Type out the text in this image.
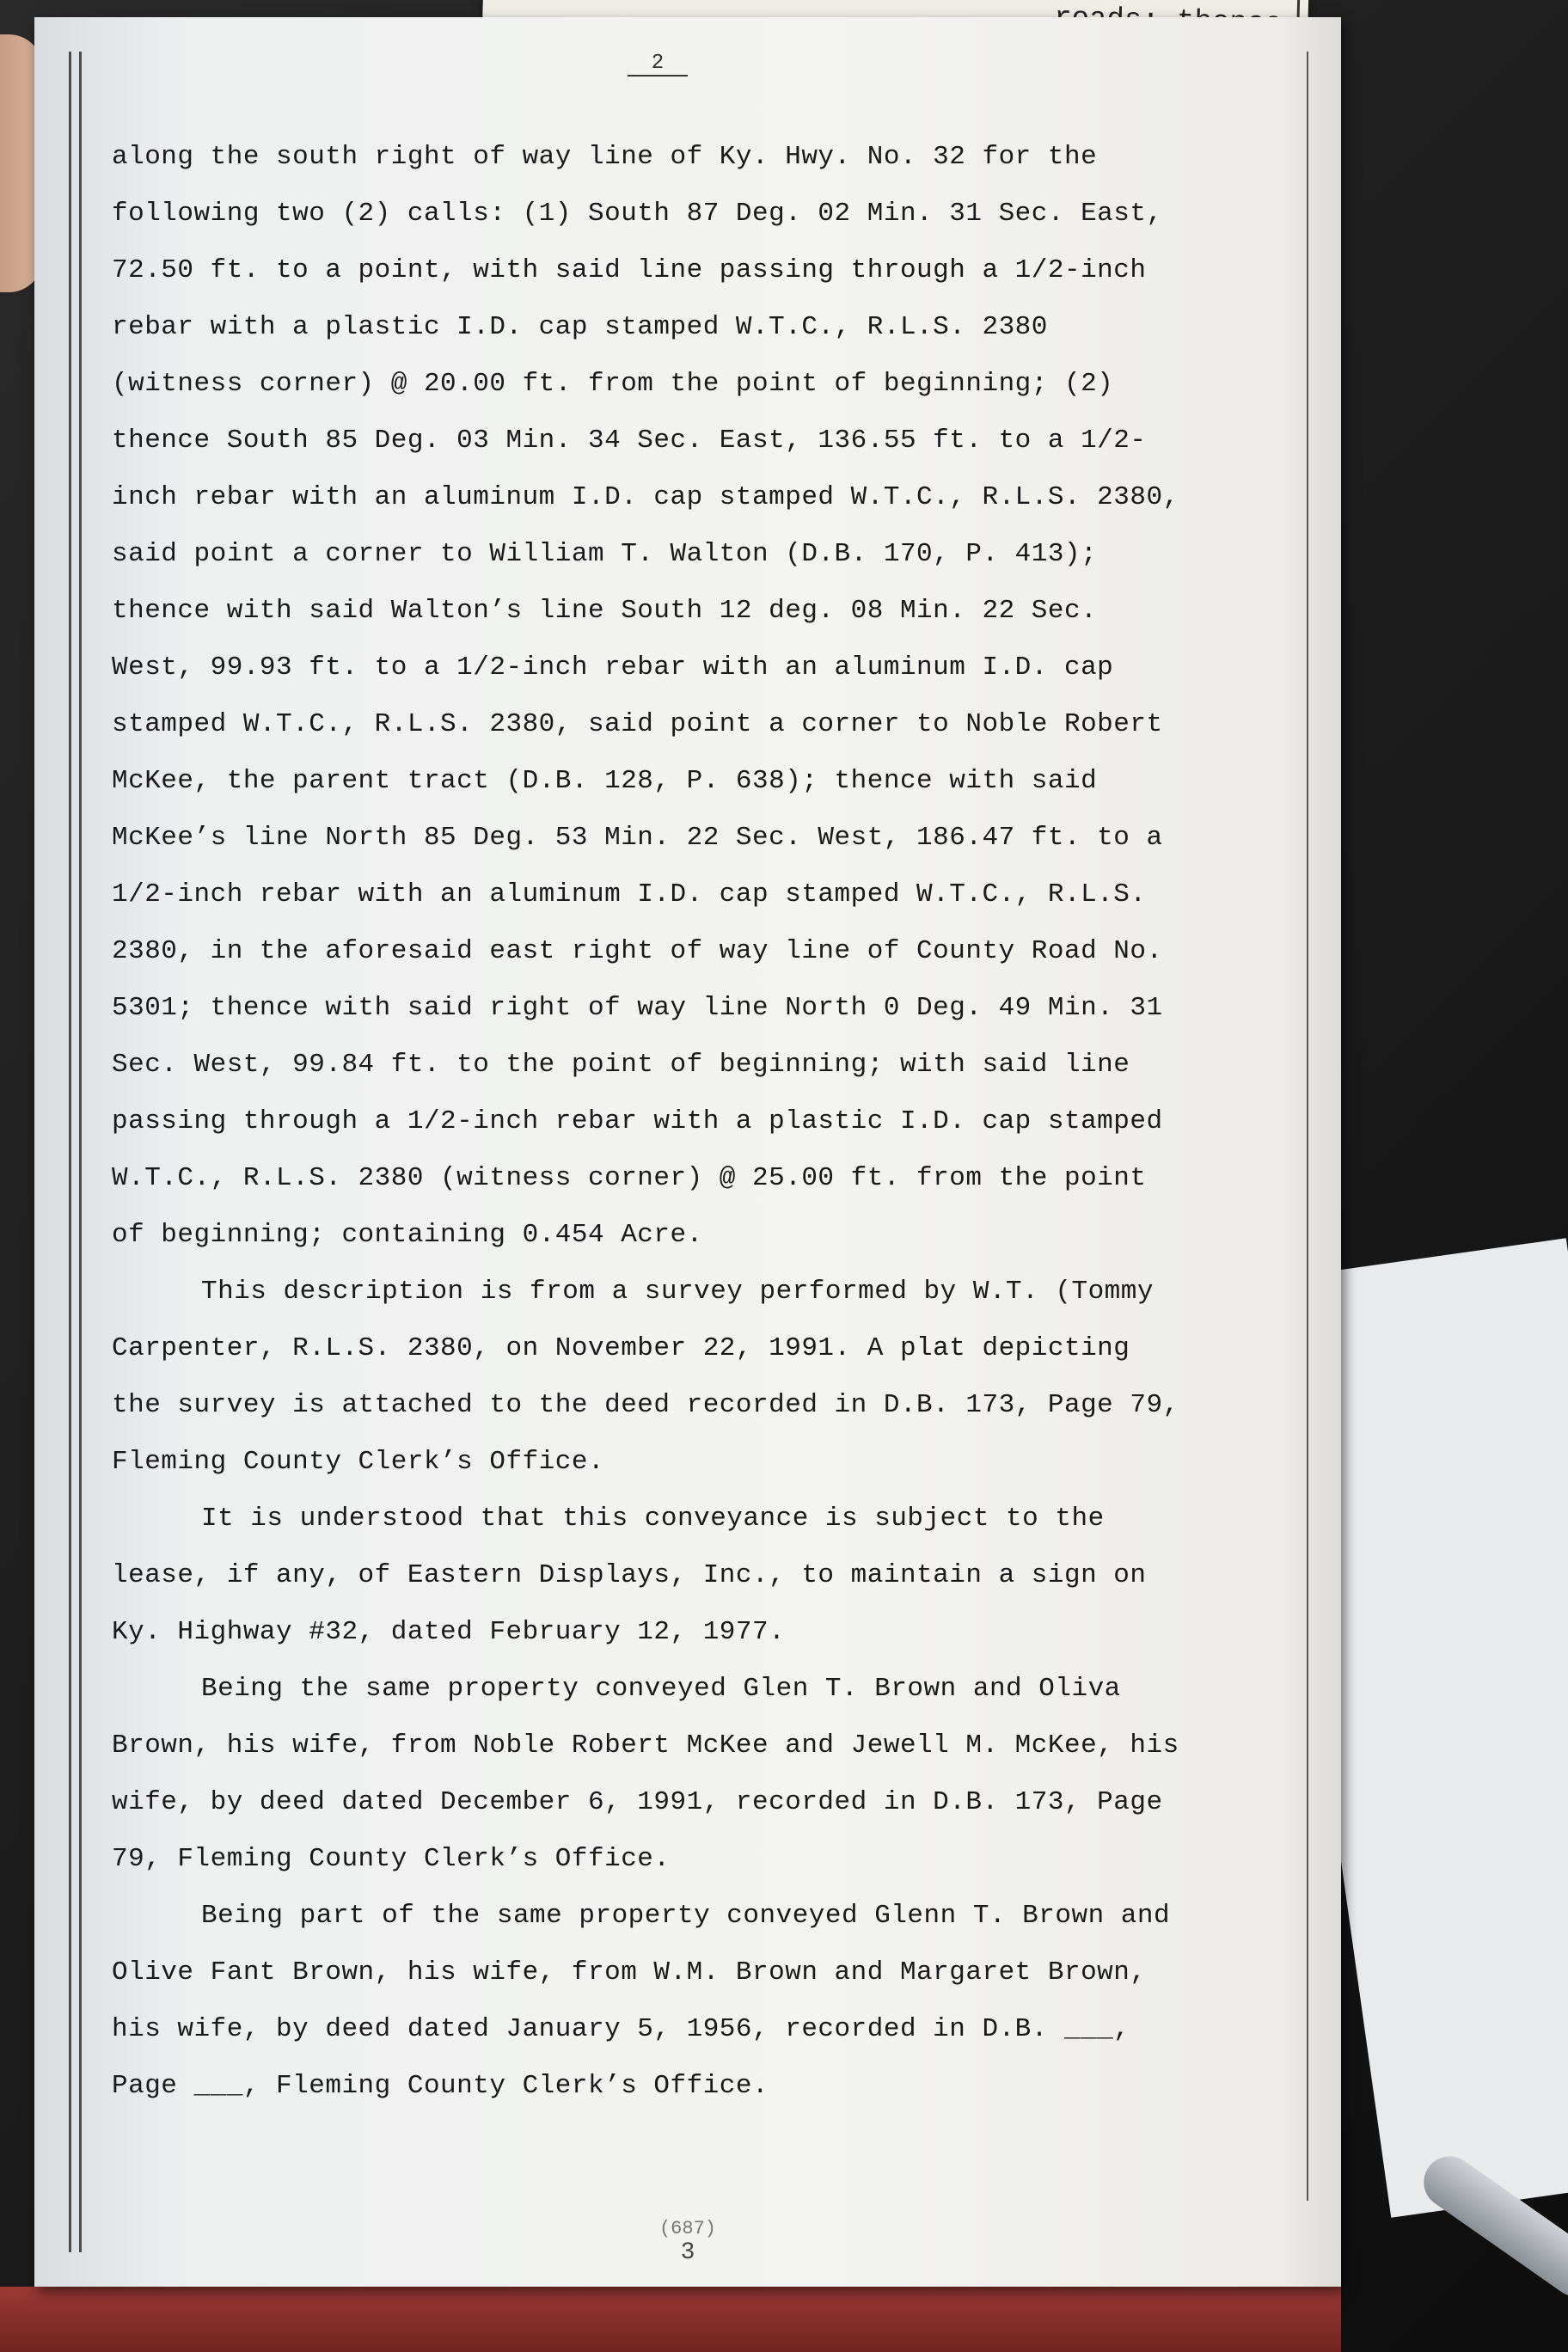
2
along the south right of way line of Ky. Hwy. No. 32 for the
following two (2) calls: (1) South 87 Deg. 02 Min. 31 Sec. East,
72.50 ft. to a point, with said line passing through a 1/2-inch
rebar with a plastic I.D. cap stamped W.T.C., R.L.S. 2380
(witness corner) @ 20.00 ft. from the point of beginning; (2)
thence South 85 Deg. 03 Min. 34 Sec. East, 136.55 ft. to a 1/2-
inch rebar with an aluminum I.D. cap stamped W.T.C., R.L.S. 2380,
said point a corner to William T. Walton (D.B. 170, P. 413);
thence with said Walton’s line South 12 deg. 08 Min. 22 Sec.
West, 99.93 ft. to a 1/2-inch rebar with an aluminum I.D. cap
stamped W.T.C., R.L.S. 2380, said point a corner to Noble Robert
McKee, the parent tract (D.B. 128, P. 638); thence with said
McKee’s line North 85 Deg. 53 Min. 22 Sec. West, 186.47 ft. to a
1/2-inch rebar with an aluminum I.D. cap stamped W.T.C., R.L.S.
2380, in the aforesaid east right of way line of County Road No.
5301; thence with said right of way line North 0 Deg. 49 Min. 31
Sec. West, 99.84 ft. to the point of beginning; with said line
passing through a 1/2-inch rebar with a plastic I.D. cap stamped
W.T.C., R.L.S. 2380 (witness corner) @ 25.00 ft. from the point
of beginning; containing 0.454 Acre.
This description is from a survey performed by W.T. (Tommy
Carpenter, R.L.S. 2380, on November 22, 1991. A plat depicting
the survey is attached to the deed recorded in D.B. 173, Page 79,
Fleming County Clerk’s Office.
It is understood that this conveyance is subject to the
lease, if any, of Eastern Displays, Inc., to maintain a sign on
Ky. Highway #32, dated February 12, 1977.
Being the same property conveyed Glen T. Brown and Oliva
Brown, his wife, from Noble Robert McKee and Jewell M. McKee, his
wife, by deed dated December 6, 1991, recorded in D.B. 173, Page
79, Fleming County Clerk’s Office.
Being part of the same property conveyed Glenn T. Brown and
Olive Fant Brown, his wife, from W.M. Brown and Margaret Brown,
his wife, by deed dated January 5, 1956, recorded in D.B. ___,
Page ___, Fleming County Clerk’s Office.
(687)
3
